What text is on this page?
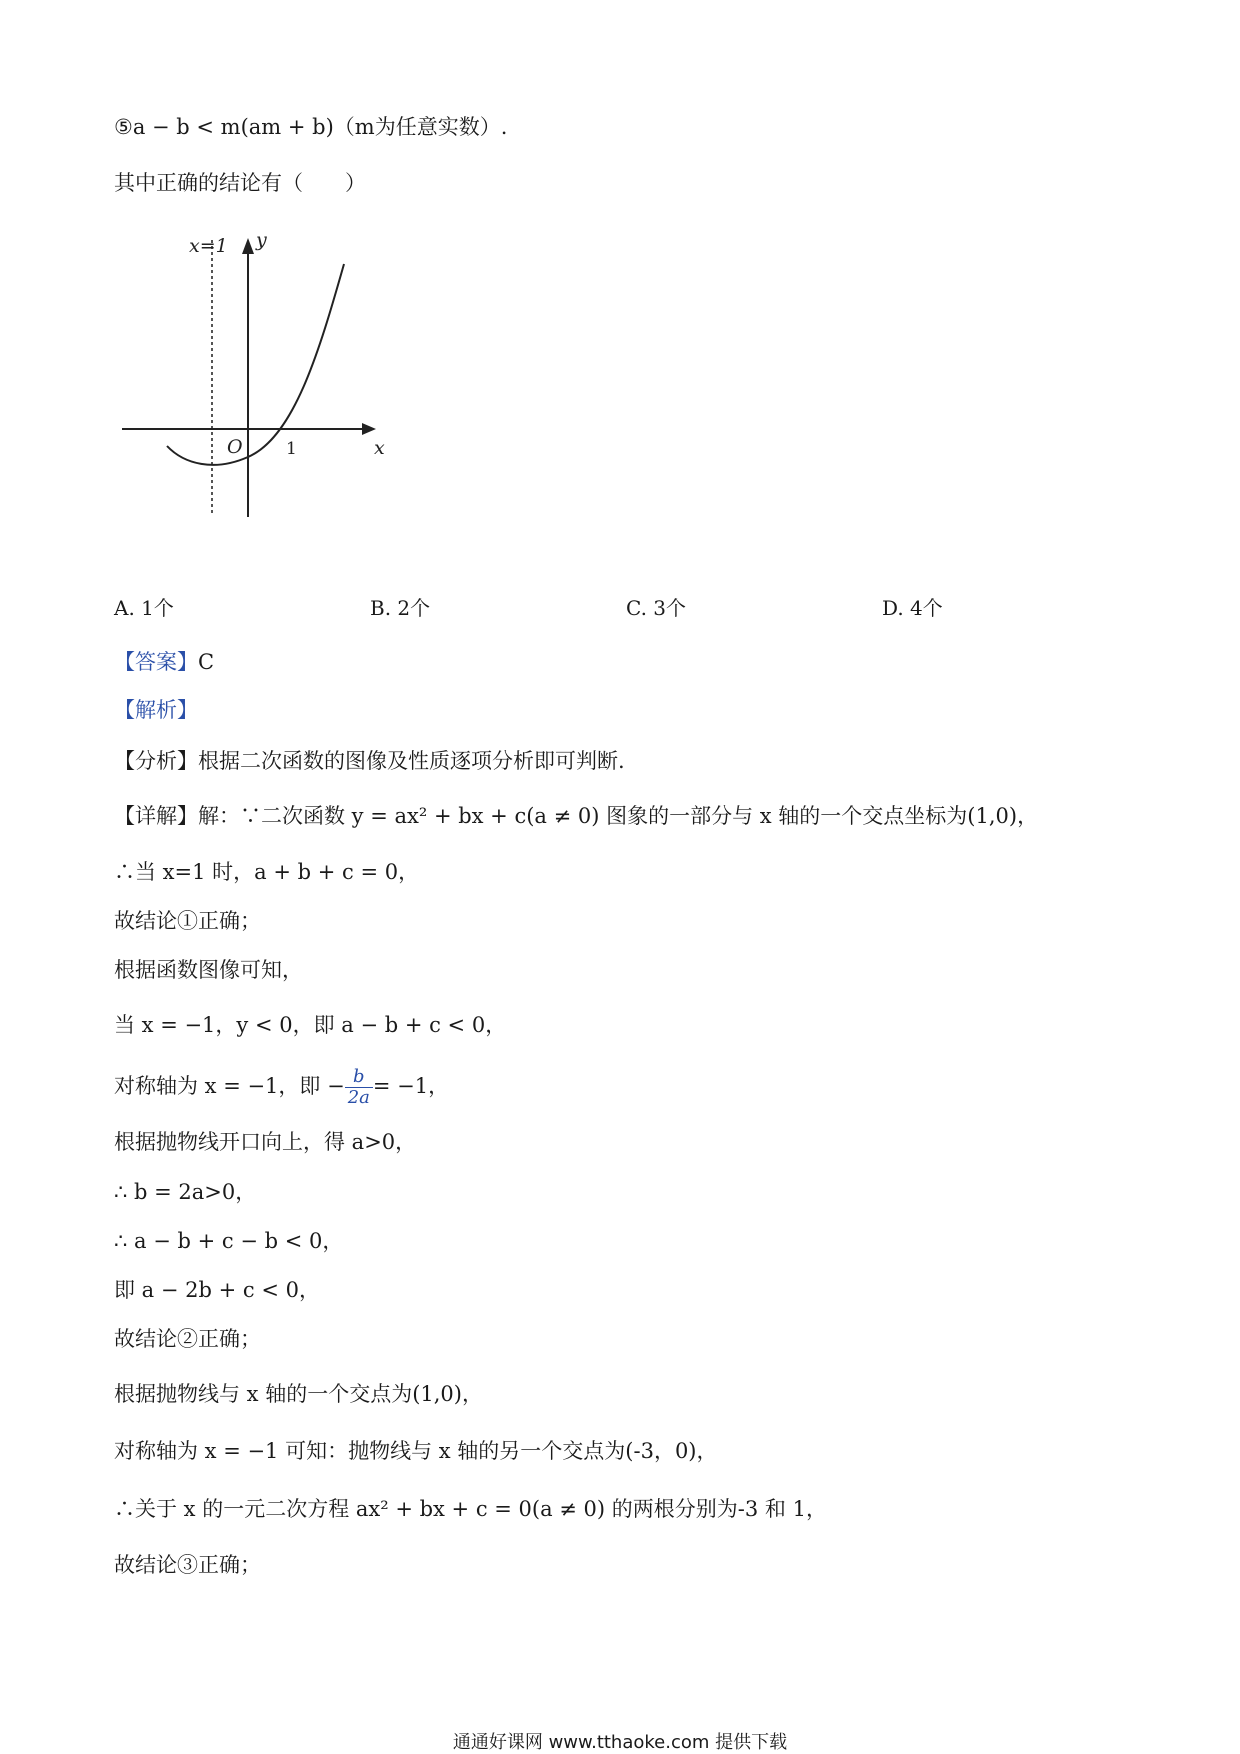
⑤a − b < m(am + b)（m为任意实数）.
其中正确的结论有（　　）
x=1 y
x
O	1
A. 1个	B. 2个	C. 3个	D. 4个
【答案】C
【解析】
【分析】根据二次函数的图像及性质逐项分析即可判断.
【详解】解：∵二次函数 y = ax² + bx + c(a ≠ 0) 图象的一部分与 x 轴的一个交点坐标为(1,0)，
∴当 x=1 时，a + b + c = 0，
故结论①正确；
根据函数图像可知，
当 x = −1，y < 0，即 a − b + c < 0，
对称轴为 x = −1，即 − $\frac{b}{2a} = -1$，
根据抛物线开口向上，得 a>0，
∴ b = 2a>0，
∴ a − b + c − b < 0，
即 a − 2b + c < 0，
故结论②正确；
根据抛物线与 x 轴的一个交点为(1,0)，
对称轴为 x = −1 可知：抛物线与 x 轴的另一个交点为(-3，0)，
∴关于 x 的一元二次方程 ax² + bx + c = 0(a ≠ 0) 的两根分别为-3 和 1，
故结论③正确；
通通好课网 www.tthaoke.com 提供下载
